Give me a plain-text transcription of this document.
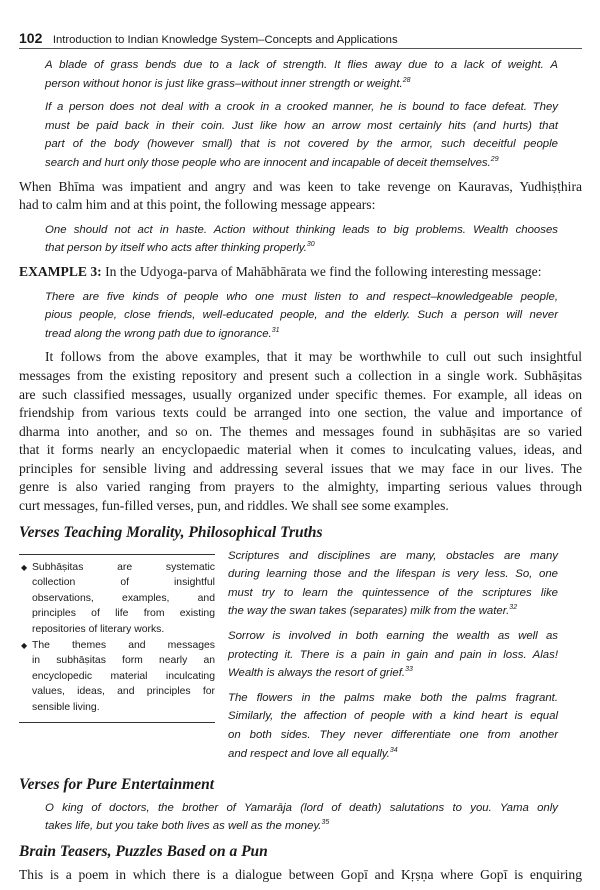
102 Introduction to Indian Knowledge System–Concepts and Applications
A blade of grass bends due to a lack of strength. It flies away due to a lack of weight. A
person without honor is just like grass–without inner strength or weight.$^{28}$
If a person does not deal with a crook in a crooked manner, he is bound to face defeat. They
must be paid back in their coin. Just like how an arrow most certainly hits (and hurts) that
part of the body (however small) that is not covered by the armor, such deceitful people
search and hurt only those people who are innocent and incapable of deceit themselves.$^{29}$
When Bhīma was impatient and angry and was keen to take revenge on Kauravas, Yudhiṣṭhira
had to calm him and at this point, the following message appears:
One should not act in haste. Action without thinking leads to big problems. Wealth chooses
that person by itself who acts after thinking properly.$^{30}$
EXAMPLE 3: In the Udyoga-parva of Mahābhārata we find the following interesting message:
There are five kinds of people who one must listen to and respect–knowledgeable people,
pious people, close friends, well-educated people, and the elderly. Such a person will never
tread along the wrong path due to ignorance.$^{31}$
It follows from the above examples, that it may be worthwhile to cull out such insightful
messages from the existing repository and present such a collection in a single work. Subhāṣitas
are such classified messages, usually organized under specific themes. For example, all ideas on
friendship from various texts could be arranged into one section, the value and importance of
dharma into another, and so on. The themes and messages found in subhāṣitas are so varied
that it forms nearly an encyclopaedic material when it comes to inculcating values, ideas, and
principles for sensible living and addressing several issues that we may face in our lives. The
genre is also varied ranging from prayers to the almighty, imparting serious values through
curt messages, fun-filled verses, pun, and riddles. We shall see some examples.
Verses Teaching Morality, Philosophical Truths
◆ Subhāṣitas are systematic
collection of insightful
observations, examples, and
principles of life from existing
repositories of literary works.
◆ The themes and messages
in subhāṣitas form nearly an
encyclopedic material inculcating
values, ideas, and principles for
sensible living.
Scriptures and disciplines are many, obstacles are many
during learning those and the lifespan is very less. So, one
must try to learn the quintessence of the scriptures like
the way the swan takes (separates) milk from the water.$^{32}$
Sorrow is involved in both earning the wealth as well as
protecting it. There is a pain in gain and pain in loss. Alas!
Wealth is always the resort of grief.$^{33}$
The flowers in the palms make both the palms fragrant.
Similarly, the affection of people with a kind heart is equal
on both sides. They never differentiate one from another
and respect and love all equally.$^{34}$
Verses for Pure Entertainment
O king of doctors, the brother of Yamarāja (lord of death) salutations to you. Yama only
takes life, but you take both lives as well as the money.$^{35}$
Brain Teasers, Puzzles Based on a Pun
This is a poem in which there is a dialogue between Gopī and Kṛṣṇa where Gopī is enquiring
